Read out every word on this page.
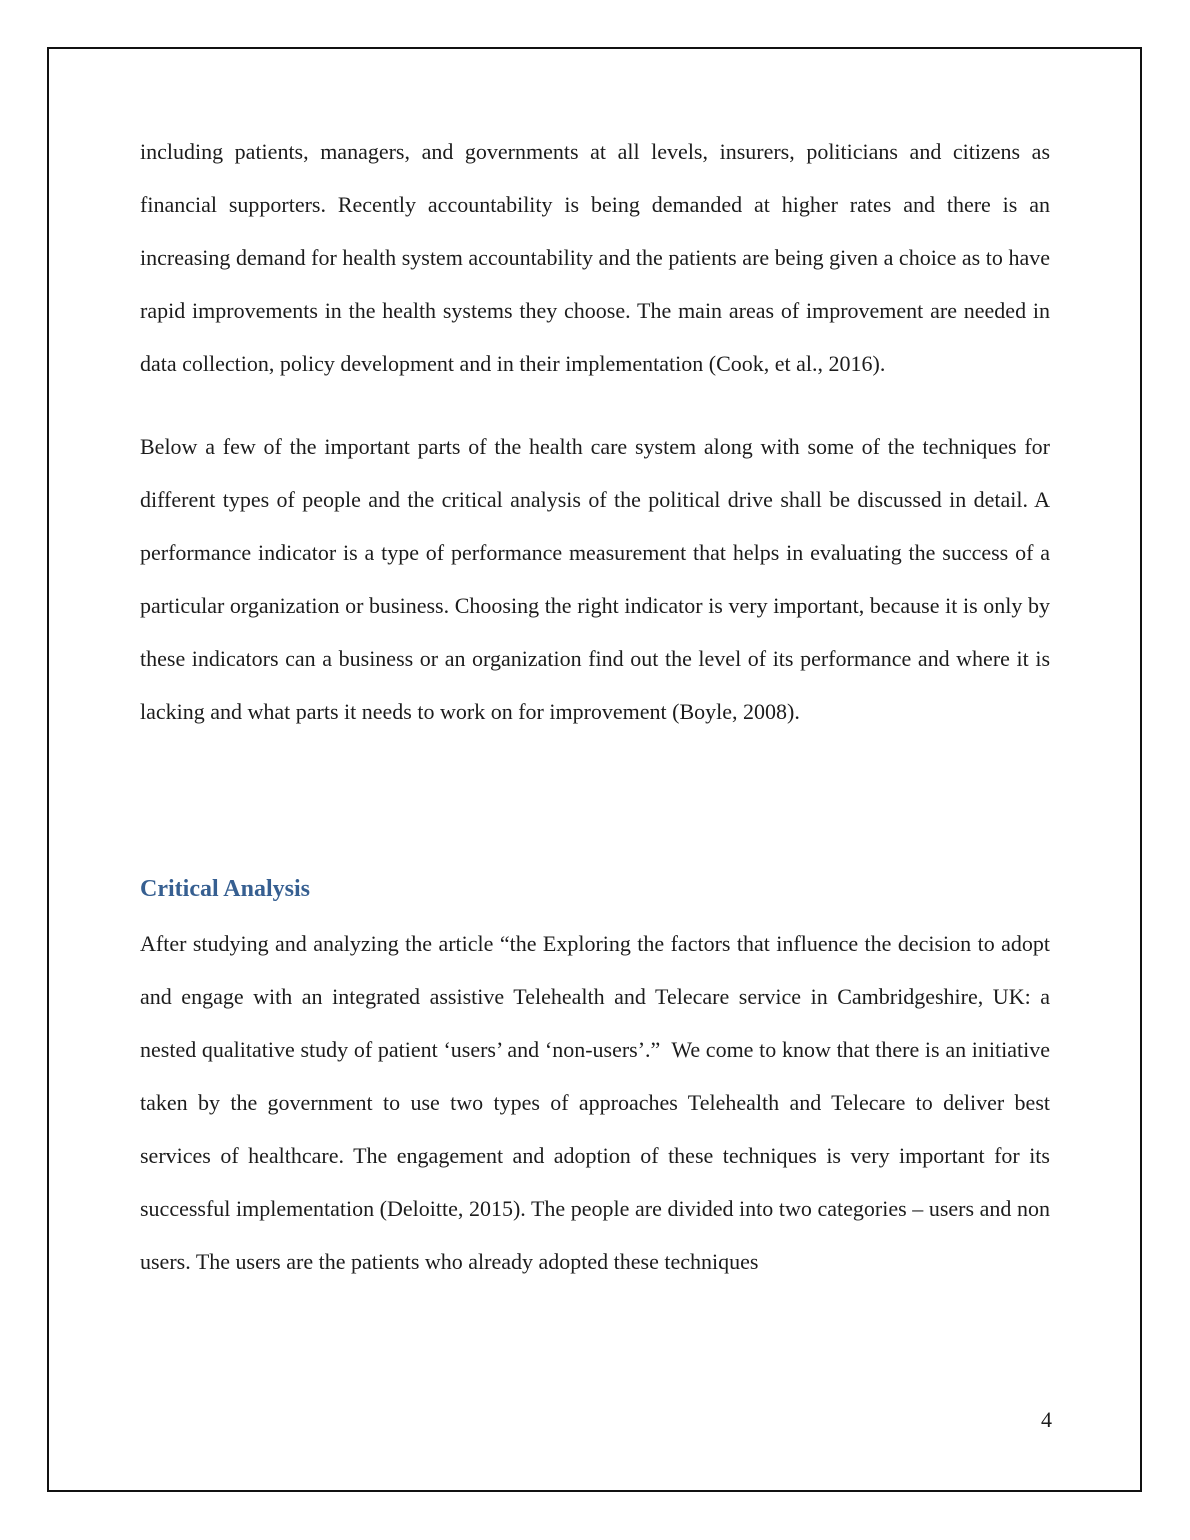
including patients, managers, and governments at all levels, insurers, politicians and citizens as financial supporters. Recently accountability is being demanded at higher rates and there is an increasing demand for health system accountability and the patients are being given a choice as to have rapid improvements in the health systems they choose. The main areas of improvement are needed in data collection, policy development and in their implementation (Cook, et al., 2016).

Below a few of the important parts of the health care system along with some of the techniques for different types of people and the critical analysis of the political drive shall be discussed in detail. A performance indicator is a type of performance measurement that helps in evaluating the success of a particular organization or business. Choosing the right indicator is very important, because it is only by these indicators can a business or an organization find out the level of its performance and where it is lacking and what parts it needs to work on for improvement (Boyle, 2008).

Critical Analysis

After studying and analyzing the article “the Exploring the factors that influence the decision to adopt and engage with an integrated assistive Telehealth and Telecare service in Cambridgeshire, UK: a nested qualitative study of patient ‘users’ and ‘non-users’.”  We come to know that there is an initiative taken by the government to use two types of approaches Telehealth and Telecare to deliver best services of healthcare. The engagement and adoption of these techniques is very important for its successful implementation (Deloitte, 2015). The people are divided into two categories – users and non users. The users are the patients who already adopted these techniques

4
